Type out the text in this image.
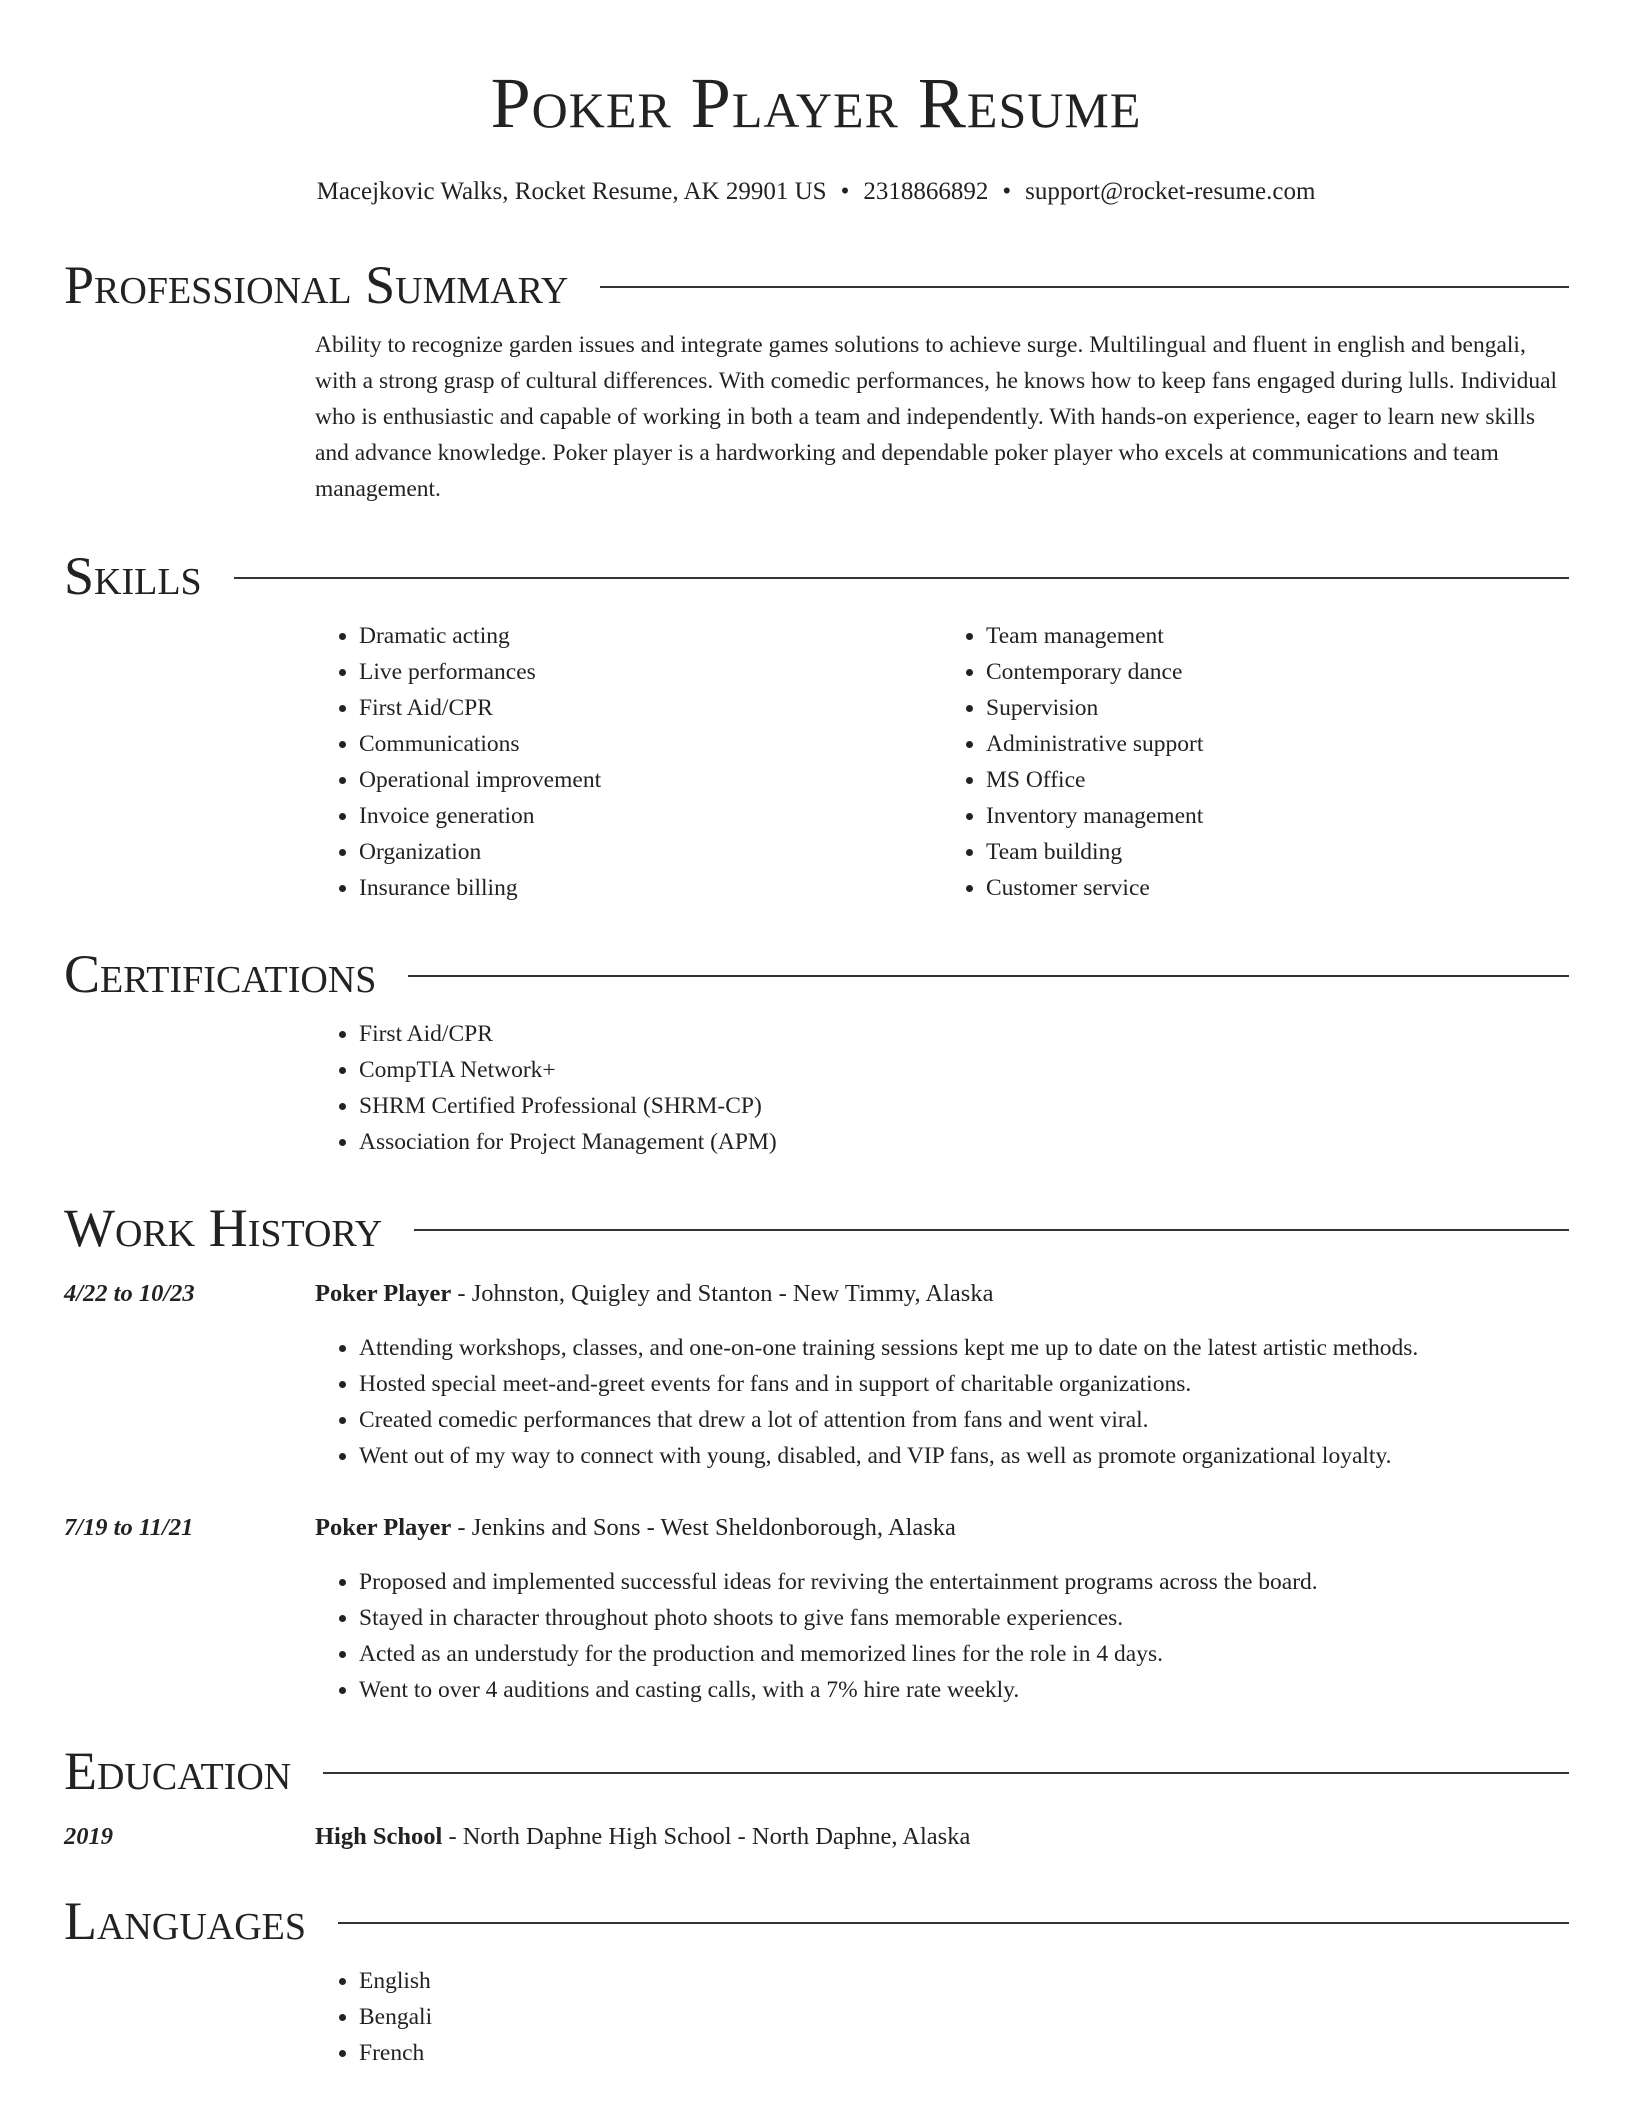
Poker Player Resume
Macejkovic Walks, Rocket Resume, AK 29901 US • 2318866892 • support@rocket-resume.com
Professional Summary

Ability to recognize garden issues and integrate games solutions to achieve surge. Multilingual and fluent in english and bengali, with a strong grasp of cultural differences. With comedic performances, he knows how to keep fans engaged during lulls. Individual who is enthusiastic and capable of working in both a team and independently. With hands-on experience, eager to learn new skills and advance knowledge. Poker player is a hardworking and dependable poker player who excels at communications and team management.

Skills
• Dramatic acting
• Live performances
• First Aid/CPR
• Communications
• Operational improvement
• Invoice generation
• Organization
• Insurance billing
• Team management
• Contemporary dance
• Supervision
• Administrative support
• MS Office
• Inventory management
• Team building
• Customer service
Certifications
• First Aid/CPR
• CompTIA Network+
• SHRM Certified Professional (SHRM-CP)
• Association for Project Management (APM)
Work History
4/22 to 10/23	Poker Player - Johnston, Quigley and Stanton - New Timmy, Alaska
• Attending workshops, classes, and one-on-one training sessions kept me up to date on the latest artistic methods.
• Hosted special meet-and-greet events for fans and in support of charitable organizations.
• Created comedic performances that drew a lot of attention from fans and went viral.
• Went out of my way to connect with young, disabled, and VIP fans, as well as promote organizational loyalty.
7/19 to 11/21	Poker Player - Jenkins and Sons - West Sheldonborough, Alaska
• Proposed and implemented successful ideas for reviving the entertainment programs across the board.
• Stayed in character throughout photo shoots to give fans memorable experiences.
• Acted as an understudy for the production and memorized lines for the role in 4 days.
• Went to over 4 auditions and casting calls, with a 7% hire rate weekly.
Education
2019	High School - North Daphne High School - North Daphne, Alaska
Languages
• English
• Bengali
• French
